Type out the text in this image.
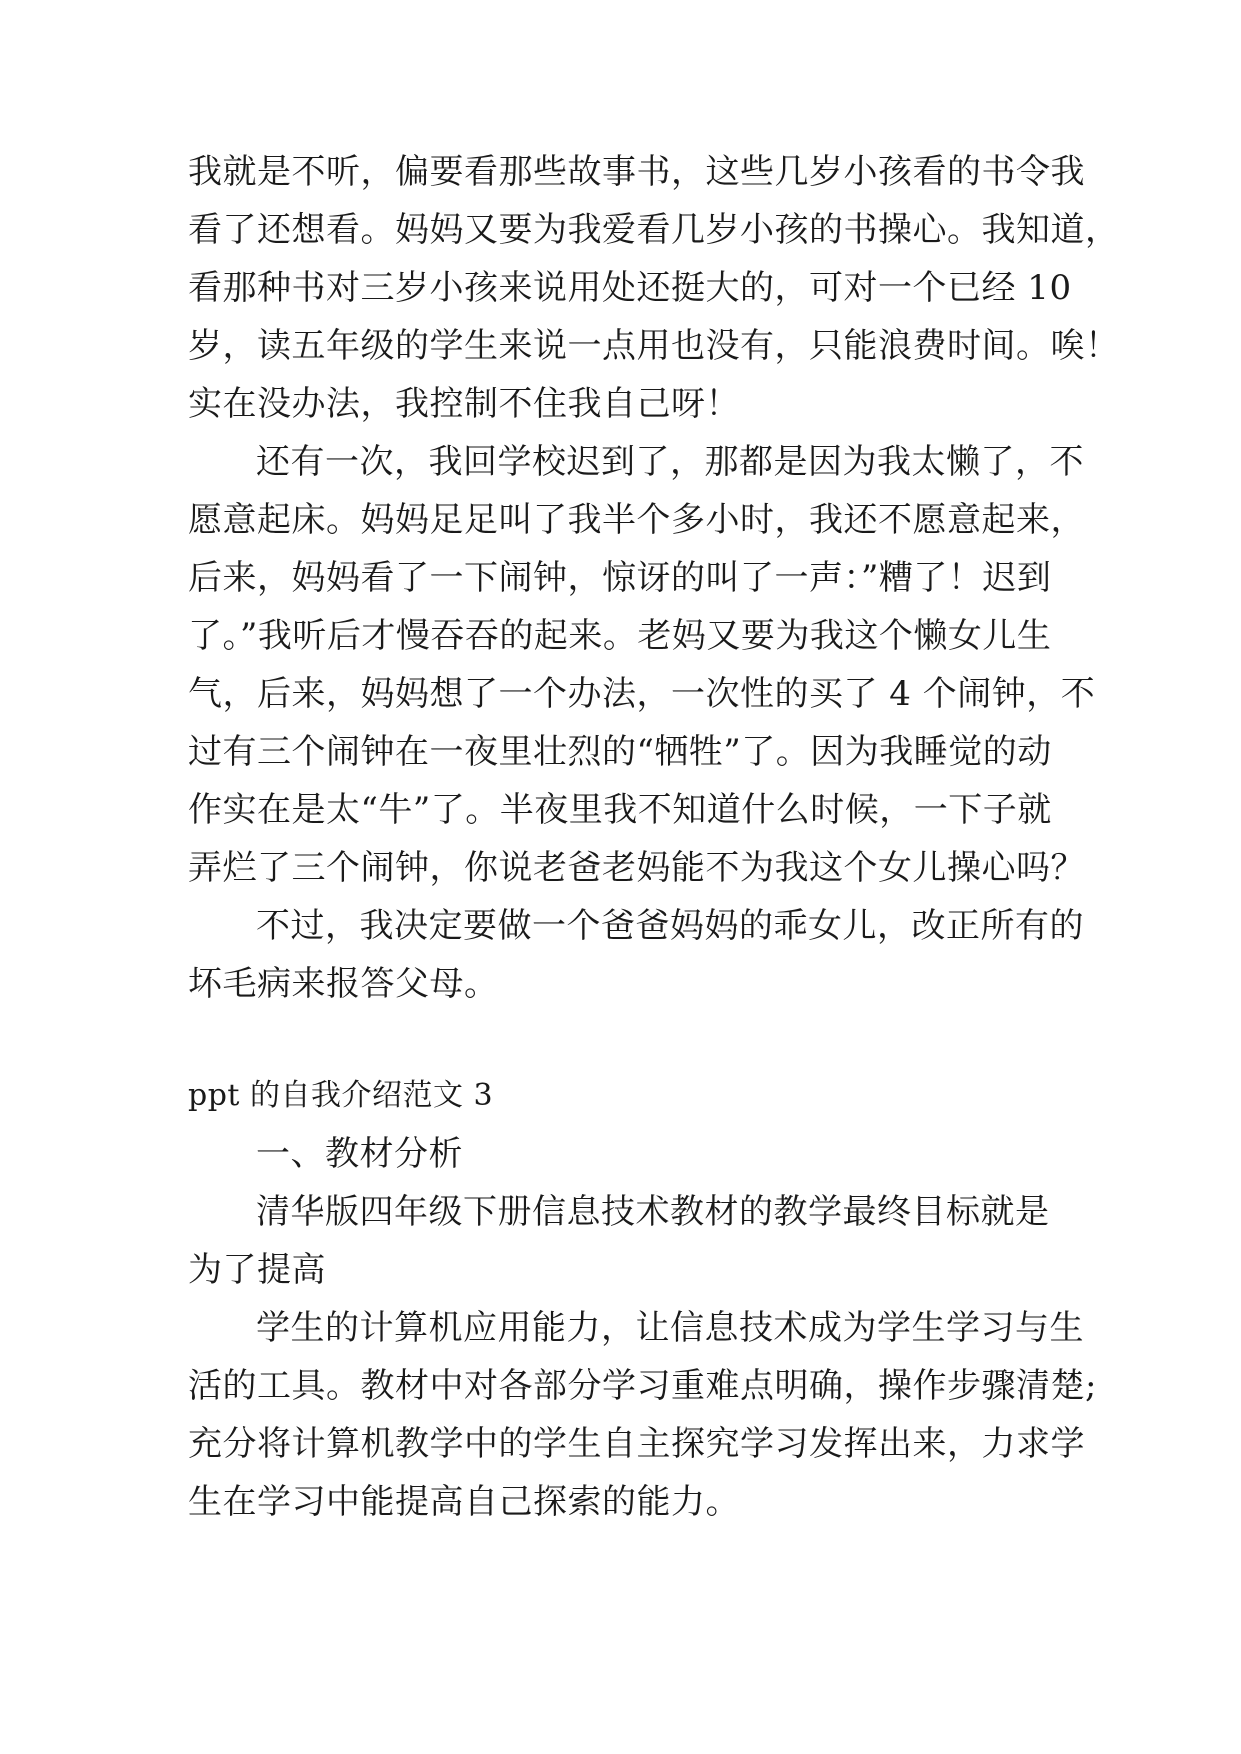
我就是不听，偏要看那些故事书，这些几岁小孩看的书令我
看了还想看。妈妈又要为我爱看几岁小孩的书操心。我知道，
看那种书对三岁小孩来说用处还挺大的，可对一个已经 10
岁，读五年级的学生来说一点用也没有，只能浪费时间。唉！
实在没办法，我控制不住我自己呀！
还有一次，我回学校迟到了，那都是因为我太懒了，不
愿意起床。妈妈足足叫了我半个多小时，我还不愿意起来，
后来，妈妈看了一下闹钟，惊讶的叫了一声：”糟了！迟到
了。”我听后才慢吞吞的起来。老妈又要为我这个懒女儿生
气，后来，妈妈想了一个办法，一次性的买了 4 个闹钟，不
过有三个闹钟在一夜里壮烈的“牺牲”了。因为我睡觉的动
作实在是太“牛”了。半夜里我不知道什么时候，一下子就
弄烂了三个闹钟，你说老爸老妈能不为我这个女儿操心吗？
不过，我决定要做一个爸爸妈妈的乖女儿，改正所有的
坏毛病来报答父母。
ppt 的自我介绍范文 3
一、教材分析
清华版四年级下册信息技术教材的教学最终目标就是
为了提高
学生的计算机应用能力，让信息技术成为学生学习与生
活的工具。教材中对各部分学习重难点明确，操作步骤清楚;
充分将计算机教学中的学生自主探究学习发挥出来，力求学
生在学习中能提高自己探索的能力。
